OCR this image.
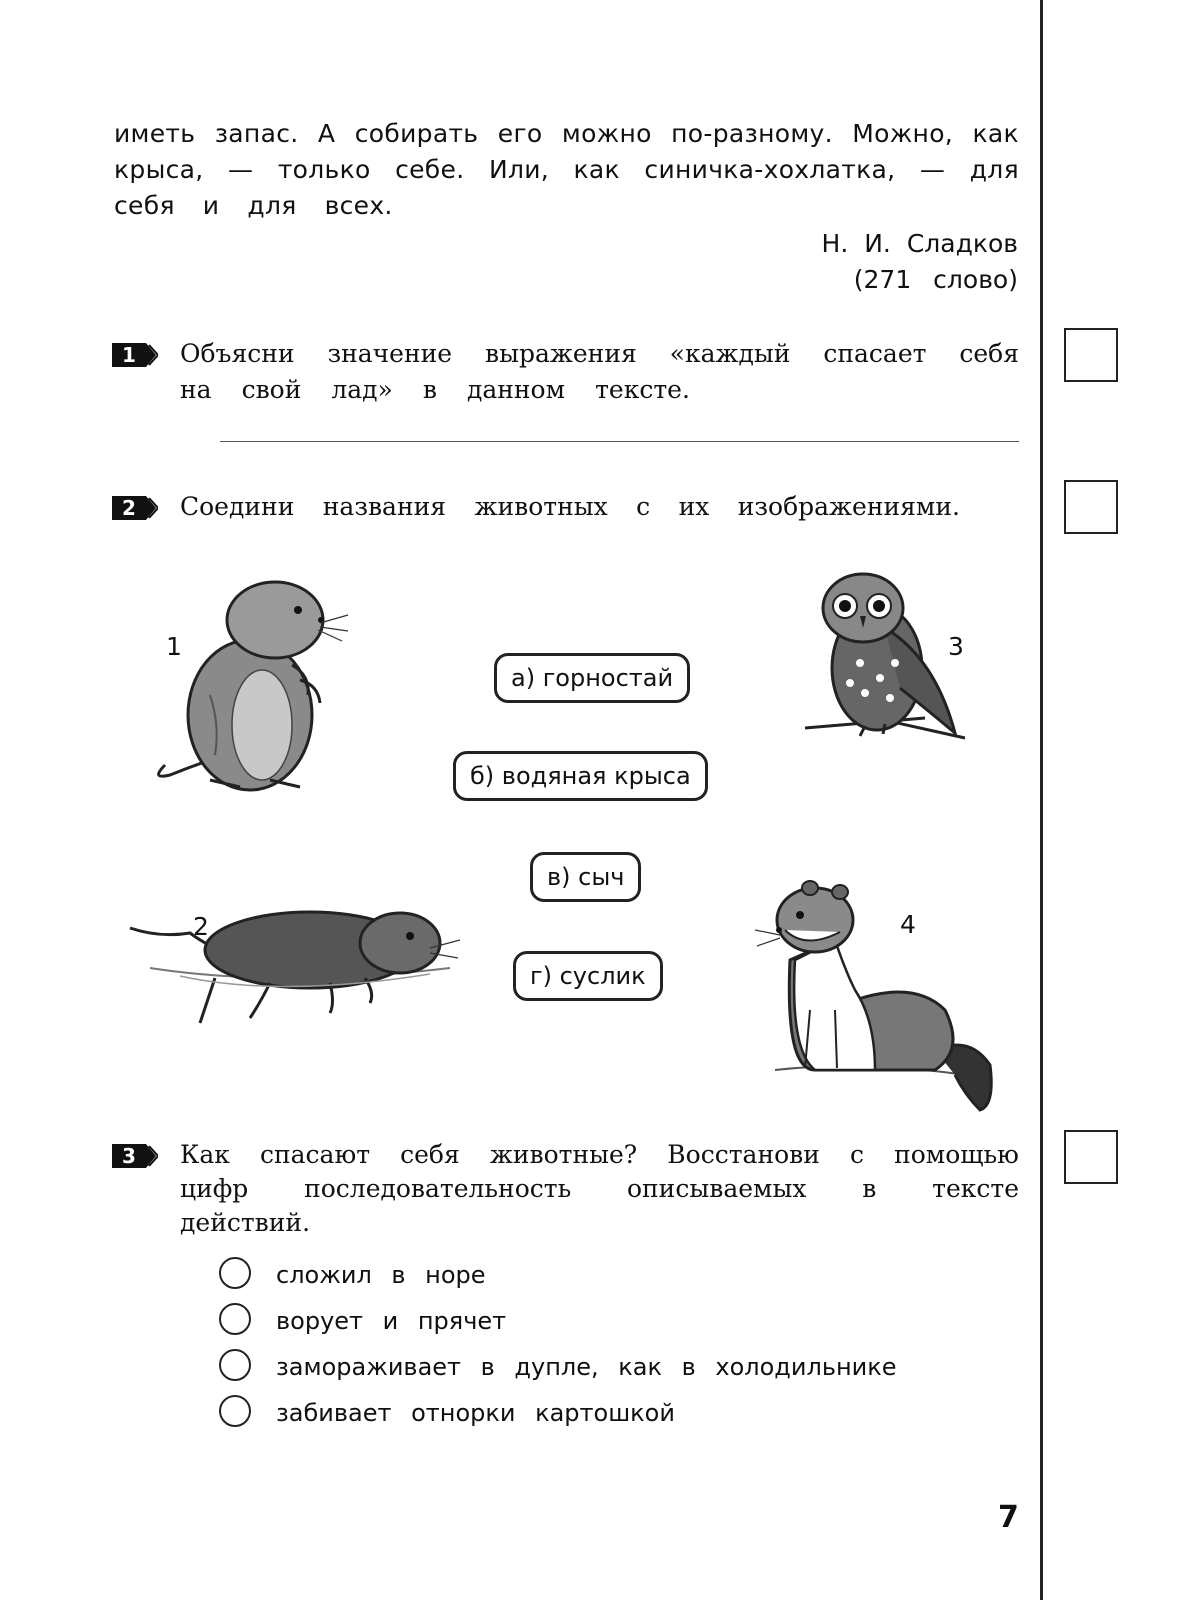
иметь запас. А собирать его можно по-разному. Можно, как
крыса, — только себе. Или, как синичка-хохлатка, — для
себя и для всех.
Н. И. Сладков
(271 слово)
1	Объясни значение выражения «каждый спасает себя
на свой лад» в данном тексте.
2	Соедини названия животных с их изображениями.
1
2
3
4
а) горностай
б) водяная крыса
в) сыч
г) суслик
3	Как спасают себя животные? Восстанови с помощью
цифр последовательность описываемых в тексте
действий.
сложил в норе
ворует и прячет
замораживает в дупле, как в холодильнике
забивает отнорки картошкой
7
